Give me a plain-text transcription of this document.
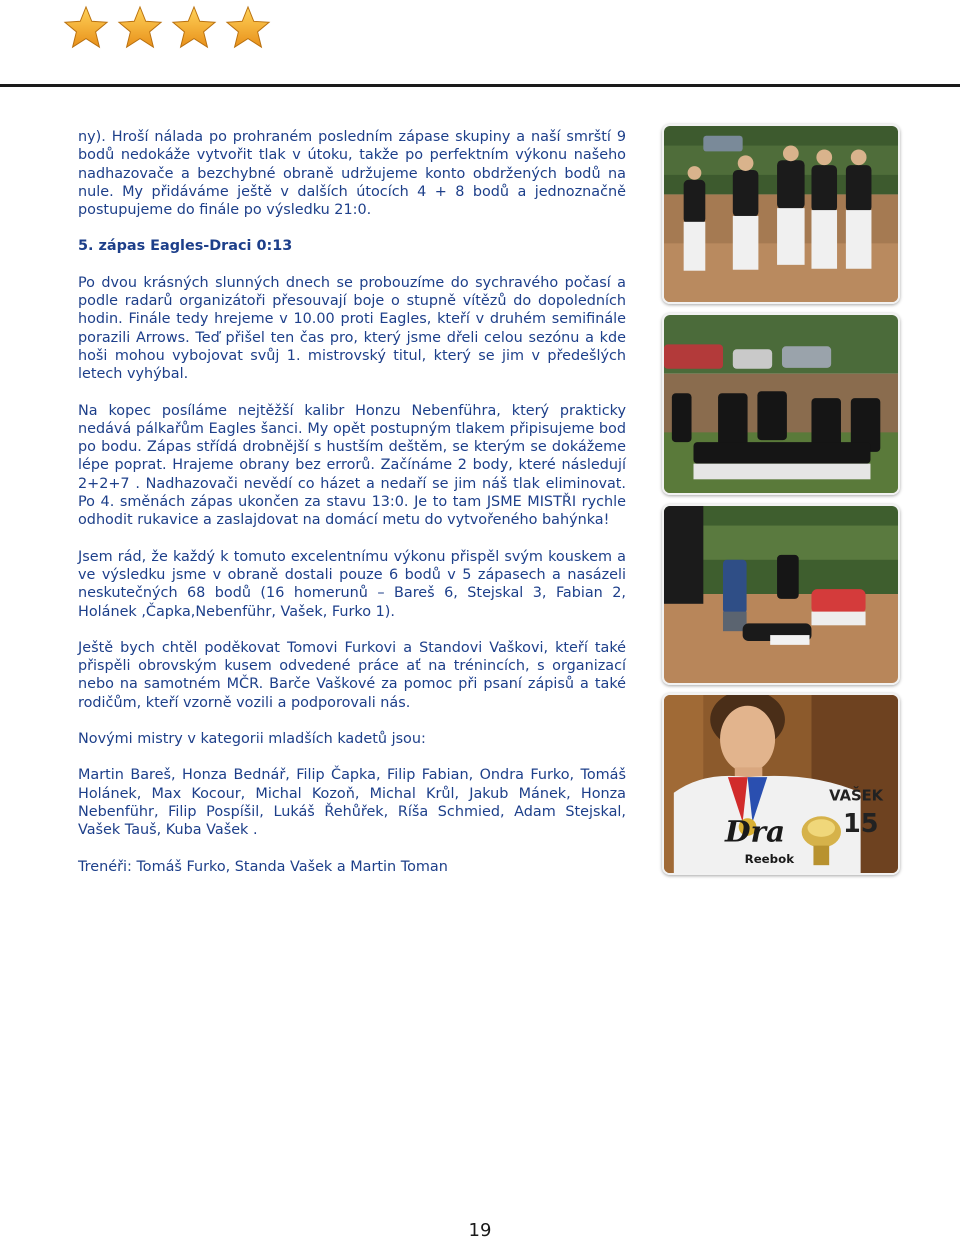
ny). Hroší nálada po prohraném posledním zápase skupiny a naší smrští 9 bodů nedokáže vytvořit tlak v útoku, takže po perfektním výkonu našeho nadhazovače a bezchybné obraně udržujeme konto obdržených bodů na nule. My přidáváme ještě v dalších útocích 4 + 8 bodů a jednoznačně postupujeme do finále po výsledku 21:0.

5. zápas Eagles-Draci 0:13

Po dvou krásných slunných dnech se probouzíme do sychravého počasí a podle radarů organizátoři přesouvají boje o stupně vítězů do dopoledních hodin. Finále tedy hrejeme v 10.00 proti Eagles, kteří v druhém semifinále porazili Arrows. Teď přišel ten čas pro, který jsme dřeli celou sezónu a kde hoši mohou vybojovat svůj 1. mistrovský titul, který se jim v předešlých letech vyhýbal.

Na kopec posíláme nejtěžší kalibr Honzu Nebenführa, který prakticky nedává pálkařům Eagles šanci. My opět postupným tlakem připisujeme bod po bodu. Zápas střídá drobnější s hustším deštěm, se kterým se dokážeme lépe poprat. Hrajeme obrany bez errorů. Začínáme 2 body, které následují 2+2+7 . Nadhazovači nevědí co házet a nedaří se jim náš tlak eliminovat. Po 4. směnách zápas ukončen za stavu 13:0. Je to tam JSME MISTŘI rychle odhodit rukavice a zaslajdovat na domácí metu do vytvořeného bahýnka!

Jsem rád, že každý k tomuto excelentnímu výkonu přispěl svým kouskem a ve výsledku jsme v obraně dostali pouze 6 bodů v 5 zápasech a nasázeli neskutečných 68 bodů (16 homerunů – Bareš 6, Stejskal 3, Fabian 2, Holánek ,Čapka,Nebenführ, Vašek, Furko 1).

Ještě bych chtěl poděkovat Tomovi Furkovi a Standovi Vaškovi, kteří také přispěli obrovským kusem odvedené práce ať na trénincích, s organizací nebo na samotném MČR. Barče Vaškové za pomoc při psaní zápisů a také rodičům, kteří vzorně vozili a podporovali nás.

Novými mistry v kategorii mladších kadetů jsou:

Martin Bareš, Honza Bednář, Filip Čapka, Filip Fabian, Ondra Furko, Tomáš Holánek, Max Kocour, Michal Kozoň, Michal Krůl, Jakub Mánek, Honza Nebenführ, Filip Pospíšil, Lukáš Řehůřek, Ríša Schmied, Adam Stejskal, Vašek Tauš, Kuba Vašek .

Trenéři: Tomáš Furko, Standa Vašek a Martin Toman

VAŠEK
15
Dra
Reebok
19
